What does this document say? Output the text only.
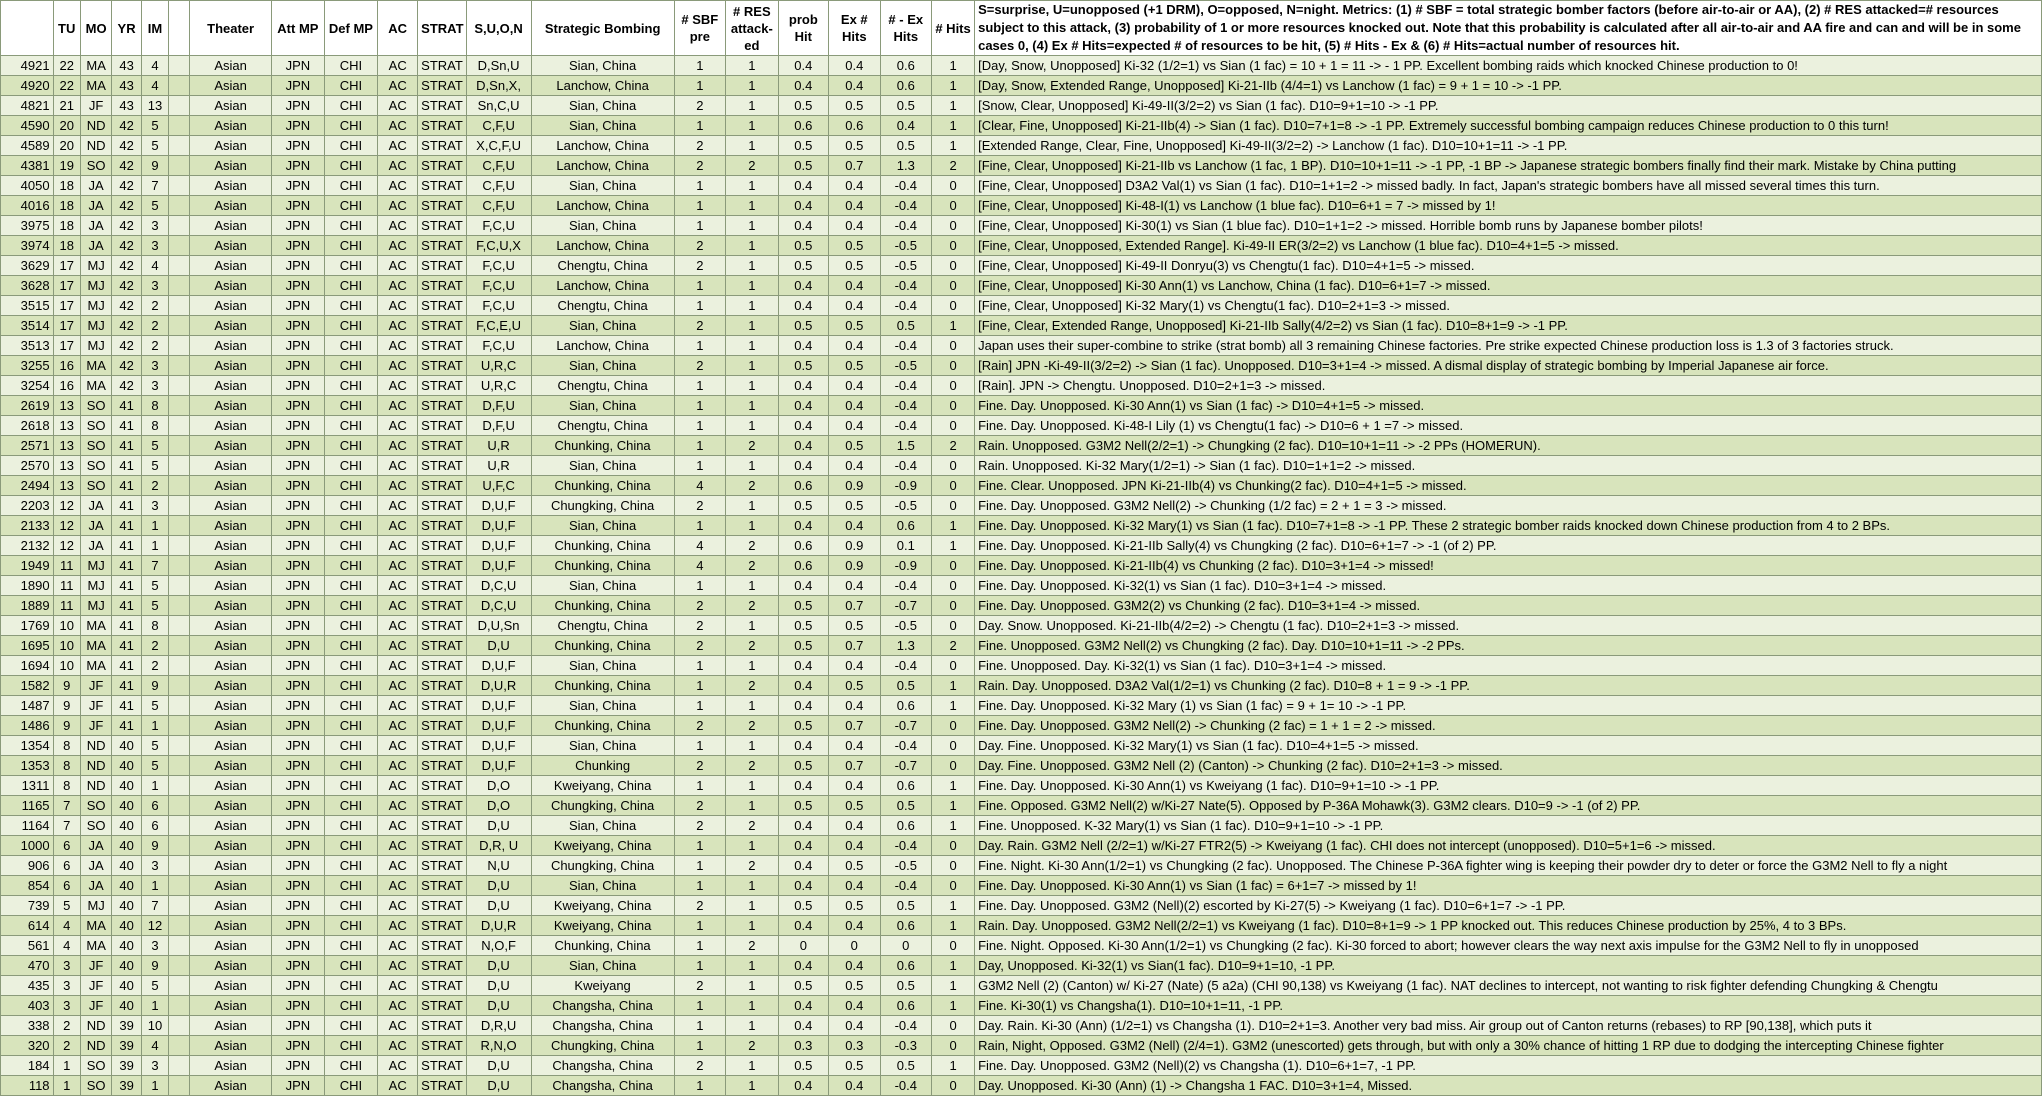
	TU	MO	YR	IM		Theater	Att MP	Def MP	AC	STRAT	S,U,O,N	Strategic Bombing	# SBF pre	# RES attack-ed	prob Hit	Ex # Hits	# - Ex Hits	# Hits	S=surprise, U=unopposed (+1 DRM), O=opposed, N=night. Metrics: (1) # SBF = total strategic bomber factors (before air-to-air or AA), (2) # RES attacked=# resources subject to this attack, (3) probability of 1 or more resources knocked out. Note that this probability is calculated after all air-to-air and AA fire and can and will be in some cases 0, (4) Ex # Hits=expected # of resources to be hit, (5) # Hits - Ex & (6) # Hits=actual number of resources hit.
4921	22	MA	43	4		Asian	JPN	CHI	AC	STRAT	D,Sn,U	Sian, China	1	1	0.4	0.4	0.6	1	[Day, Snow, Unopposed] Ki-32 (1/2=1) vs Sian (1 fac) = 10 + 1 = 11 -> - 1 PP. Excellent bombing raids which knocked Chinese production to 0!
4920	22	MA	43	4		Asian	JPN	CHI	AC	STRAT	D,Sn,X,	Lanchow, China	1	1	0.4	0.4	0.6	1	[Day, Snow, Extended Range, Unopposed] Ki-21-IIb (4/4=1) vs Lanchow (1 fac) = 9 + 1 = 10 -> -1 PP.
4821	21	JF	43	13		Asian	JPN	CHI	AC	STRAT	Sn,C,U	Sian, China	2	1	0.5	0.5	0.5	1	[Snow, Clear, Unopposed] Ki-49-II(3/2=2) vs Sian (1 fac). D10=9+1=10 -> -1 PP.
4590	20	ND	42	5		Asian	JPN	CHI	AC	STRAT	C,F,U	Sian, China	1	1	0.6	0.6	0.4	1	[Clear, Fine, Unopposed] Ki-21-IIb(4) -> Sian (1 fac). D10=7+1=8 -> -1 PP. Extremely successful bombing campaign reduces Chinese production to 0 this turn!
4589	20	ND	42	5		Asian	JPN	CHI	AC	STRAT	X,C,F,U	Lanchow, China	2	1	0.5	0.5	0.5	1	[Extended Range, Clear, Fine, Unopposed] Ki-49-II(3/2=2) -> Lanchow (1 fac). D10=10+1=11 -> -1 PP.
4381	19	SO	42	9		Asian	JPN	CHI	AC	STRAT	C,F,U	Lanchow, China	2	2	0.5	0.7	1.3	2	[Fine, Clear, Unopposed] Ki-21-IIb vs Lanchow (1 fac, 1 BP). D10=10+1=11 -> -1 PP, -1 BP -> Japanese strategic bombers finally find their mark. Mistake by China putting
4050	18	JA	42	7		Asian	JPN	CHI	AC	STRAT	C,F,U	Sian, China	1	1	0.4	0.4	-0.4	0	[Fine, Clear, Unopposed] D3A2 Val(1) vs Sian (1 fac). D10=1+1=2 -> missed badly. In fact, Japan's strategic bombers have all missed several times this turn.
4016	18	JA	42	5		Asian	JPN	CHI	AC	STRAT	C,F,U	Lanchow, China	1	1	0.4	0.4	-0.4	0	[Fine, Clear, Unopposed] Ki-48-I(1) vs Lanchow (1 blue fac). D10=6+1 = 7 -> missed by 1!
3975	18	JA	42	3		Asian	JPN	CHI	AC	STRAT	F,C,U	Sian, China	1	1	0.4	0.4	-0.4	0	[Fine, Clear, Unopposed] Ki-30(1) vs Sian (1 blue fac). D10=1+1=2 -> missed. Horrible bomb runs by Japanese bomber pilots!
3974	18	JA	42	3		Asian	JPN	CHI	AC	STRAT	F,C,U,X	Lanchow, China	2	1	0.5	0.5	-0.5	0	[Fine, Clear, Unopposed, Extended Range]. Ki-49-II ER(3/2=2) vs Lanchow (1 blue fac). D10=4+1=5 -> missed.
3629	17	MJ	42	4		Asian	JPN	CHI	AC	STRAT	F,C,U	Chengtu, China	2	1	0.5	0.5	-0.5	0	[Fine, Clear, Unopposed] Ki-49-II Donryu(3) vs Chengtu(1 fac). D10=4+1=5 -> missed.
3628	17	MJ	42	3		Asian	JPN	CHI	AC	STRAT	F,C,U	Lanchow, China	1	1	0.4	0.4	-0.4	0	[Fine, Clear, Unopposed] Ki-30 Ann(1) vs Lanchow, China (1 fac). D10=6+1=7 -> missed.
3515	17	MJ	42	2		Asian	JPN	CHI	AC	STRAT	F,C,U	Chengtu, China	1	1	0.4	0.4	-0.4	0	[Fine, Clear, Unopposed] Ki-32 Mary(1) vs Chengtu(1 fac). D10=2+1=3 -> missed.
3514	17	MJ	42	2		Asian	JPN	CHI	AC	STRAT	F,C,E,U	Sian, China	2	1	0.5	0.5	0.5	1	[Fine, Clear, Extended Range, Unopposed] Ki-21-IIb Sally(4/2=2) vs Sian (1 fac). D10=8+1=9 -> -1 PP.
3513	17	MJ	42	2		Asian	JPN	CHI	AC	STRAT	F,C,U	Lanchow, China	1	1	0.4	0.4	-0.4	0	Japan uses their super-combine to strike (strat bomb) all 3 remaining Chinese factories. Pre strike expected Chinese production loss is 1.3 of 3 factories struck.
3255	16	MA	42	3		Asian	JPN	CHI	AC	STRAT	U,R,C	Sian, China	2	1	0.5	0.5	-0.5	0	[Rain] JPN -Ki-49-II(3/2=2) -> Sian (1 fac). Unopposed. D10=3+1=4 -> missed. A dismal display of strategic bombing by Imperial Japanese air force.
3254	16	MA	42	3		Asian	JPN	CHI	AC	STRAT	U,R,C	Chengtu, China	1	1	0.4	0.4	-0.4	0	[Rain]. JPN -> Chengtu. Unopposed. D10=2+1=3 -> missed.
2619	13	SO	41	8		Asian	JPN	CHI	AC	STRAT	D,F,U	Sian, China	1	1	0.4	0.4	-0.4	0	Fine. Day. Unopposed. Ki-30 Ann(1) vs Sian (1 fac) -> D10=4+1=5 -> missed.
2618	13	SO	41	8		Asian	JPN	CHI	AC	STRAT	D,F,U	Chengtu, China	1	1	0.4	0.4	-0.4	0	Fine. Day. Unopposed. Ki-48-I Lily (1) vs Chengtu(1 fac) -> D10=6 + 1 =7 -> missed.
2571	13	SO	41	5		Asian	JPN	CHI	AC	STRAT	U,R	Chunking, China	1	2	0.4	0.5	1.5	2	Rain. Unopposed. G3M2 Nell(2/2=1) -> Chungking (2 fac). D10=10+1=11 -> -2 PPs (HOMERUN).
2570	13	SO	41	5		Asian	JPN	CHI	AC	STRAT	U,R	Sian, China	1	1	0.4	0.4	-0.4	0	Rain. Unopposed. Ki-32 Mary(1/2=1) -> Sian (1 fac). D10=1+1=2 -> missed.
2494	13	SO	41	2		Asian	JPN	CHI	AC	STRAT	U,F,C	Chunking, China	4	2	0.6	0.9	-0.9	0	Fine. Clear. Unopposed. JPN Ki-21-IIb(4) vs Chunking(2 fac). D10=4+1=5 -> missed.
2203	12	JA	41	3		Asian	JPN	CHI	AC	STRAT	D,U,F	Chungking, China	2	1	0.5	0.5	-0.5	0	Fine. Day. Unopposed. G3M2 Nell(2) -> Chunking (1/2 fac) = 2 + 1 = 3 -> missed.
2133	12	JA	41	1		Asian	JPN	CHI	AC	STRAT	D,U,F	Sian, China	1	1	0.4	0.4	0.6	1	Fine. Day. Unopposed. Ki-32 Mary(1) vs Sian (1 fac). D10=7+1=8 -> -1 PP. These 2 strategic bomber raids knocked down Chinese production from 4 to 2 BPs.
2132	12	JA	41	1		Asian	JPN	CHI	AC	STRAT	D,U,F	Chunking, China	4	2	0.6	0.9	0.1	1	Fine. Day. Unopposed. Ki-21-IIb Sally(4) vs Chungking (2 fac). D10=6+1=7 -> -1 (of 2) PP.
1949	11	MJ	41	7		Asian	JPN	CHI	AC	STRAT	D,U,F	Chunking, China	4	2	0.6	0.9	-0.9	0	Fine. Day. Unopposed. Ki-21-IIb(4) vs Chunking (2 fac). D10=3+1=4 -> missed!
1890	11	MJ	41	5		Asian	JPN	CHI	AC	STRAT	D,C,U	Sian, China	1	1	0.4	0.4	-0.4	0	Fine. Day. Unopposed. Ki-32(1) vs Sian (1 fac). D10=3+1=4 -> missed.
1889	11	MJ	41	5		Asian	JPN	CHI	AC	STRAT	D,C,U	Chunking, China	2	2	0.5	0.7	-0.7	0	Fine. Day. Unopposed. G3M2(2) vs Chunking (2 fac). D10=3+1=4 -> missed.
1769	10	MA	41	8		Asian	JPN	CHI	AC	STRAT	D,U,Sn	Chengtu, China	2	1	0.5	0.5	-0.5	0	Day. Snow. Unopposed. Ki-21-IIb(4/2=2) -> Chengtu (1 fac). D10=2+1=3 -> missed.
1695	10	MA	41	2		Asian	JPN	CHI	AC	STRAT	D,U	Chunking, China	2	2	0.5	0.7	1.3	2	Fine. Unopposed. G3M2 Nell(2) vs Chungking (2 fac). Day. D10=10+1=11 -> -2 PPs.
1694	10	MA	41	2		Asian	JPN	CHI	AC	STRAT	D,U,F	Sian, China	1	1	0.4	0.4	-0.4	0	Fine. Unopposed. Day. Ki-32(1) vs Sian (1 fac). D10=3+1=4 -> missed.
1582	9	JF	41	9		Asian	JPN	CHI	AC	STRAT	D,U,R	Chunking, China	1	2	0.4	0.5	0.5	1	Rain. Day. Unopposed. D3A2 Val(1/2=1) vs Chunking (2 fac). D10=8 + 1 = 9 -> -1 PP.
1487	9	JF	41	5		Asian	JPN	CHI	AC	STRAT	D,U,F	Sian, China	1	1	0.4	0.4	0.6	1	Fine. Day. Unopposed. Ki-32 Mary (1) vs Sian (1 fac) = 9 + 1= 10 -> -1 PP.
1486	9	JF	41	1		Asian	JPN	CHI	AC	STRAT	D,U,F	Chunking, China	2	2	0.5	0.7	-0.7	0	Fine. Day. Unopposed. G3M2 Nell(2) -> Chunking (2 fac) = 1 + 1 = 2 -> missed.
1354	8	ND	40	5		Asian	JPN	CHI	AC	STRAT	D,U,F	Sian, China	1	1	0.4	0.4	-0.4	0	Day. Fine. Unopposed. Ki-32 Mary(1) vs Sian (1 fac). D10=4+1=5 -> missed.
1353	8	ND	40	5		Asian	JPN	CHI	AC	STRAT	D,U,F	Chunking	2	2	0.5	0.7	-0.7	0	Day. Fine. Unopposed. G3M2 Nell (2) (Canton) -> Chunking (2 fac). D10=2+1=3 -> missed.
1311	8	ND	40	1		Asian	JPN	CHI	AC	STRAT	D,O	Kweiyang, China	1	1	0.4	0.4	0.6	1	Fine. Day. Unopposed. Ki-30 Ann(1) vs Kweiyang (1 fac). D10=9+1=10 -> -1 PP.
1165	7	SO	40	6		Asian	JPN	CHI	AC	STRAT	D,O	Chungking, China	2	1	0.5	0.5	0.5	1	Fine. Opposed. G3M2 Nell(2) w/Ki-27 Nate(5). Opposed by P-36A Mohawk(3). G3M2 clears. D10=9 -> -1 (of 2) PP.
1164	7	SO	40	6		Asian	JPN	CHI	AC	STRAT	D,U	Sian, China	2	2	0.4	0.4	0.6	1	Fine. Unopposed. K-32 Mary(1) vs Sian (1 fac). D10=9+1=10 -> -1 PP.
1000	6	JA	40	9		Asian	JPN	CHI	AC	STRAT	D,R, U	Kweiyang, China	1	1	0.4	0.4	-0.4	0	Day. Rain. G3M2 Nell (2/2=1) w/Ki-27 FTR2(5) -> Kweiyang (1 fac). CHI does not intercept (unopposed). D10=5+1=6 -> missed.
906	6	JA	40	3		Asian	JPN	CHI	AC	STRAT	N,U	Chungking, China	1	2	0.4	0.5	-0.5	0	Fine. Night. Ki-30 Ann(1/2=1) vs Chungking (2 fac). Unopposed. The Chinese P-36A fighter wing is keeping their powder dry to deter or force the G3M2 Nell to fly a night
854	6	JA	40	1		Asian	JPN	CHI	AC	STRAT	D,U	Sian, China	1	1	0.4	0.4	-0.4	0	Fine. Day. Unopposed. Ki-30 Ann(1) vs Sian (1 fac) = 6+1=7 -> missed by 1!
739	5	MJ	40	7		Asian	JPN	CHI	AC	STRAT	D,U	Kweiyang, China	2	1	0.5	0.5	0.5	1	Fine. Day. Unopposed. G3M2 (Nell)(2) escorted by Ki-27(5) -> Kweiyang (1 fac). D10=6+1=7 -> -1 PP.
614	4	MA	40	12		Asian	JPN	CHI	AC	STRAT	D,U,R	Kweiyang, China	1	1	0.4	0.4	0.6	1	Rain. Day. Unopposed. G3M2 Nell(2/2=1) vs Kweiyang (1 fac). D10=8+1=9 -> 1 PP knocked out. This reduces Chinese production by 25%, 4 to 3 BPs.
561	4	MA	40	3		Asian	JPN	CHI	AC	STRAT	N,O,F	Chunking, China	1	2	0	0	0	0	Fine. Night. Opposed. Ki-30 Ann(1/2=1) vs Chungking (2 fac). Ki-30 forced to abort; however clears the way next axis impulse for the G3M2 Nell to fly in unopposed
470	3	JF	40	9		Asian	JPN	CHI	AC	STRAT	D,U	Sian, China	1	1	0.4	0.4	0.6	1	Day, Unopposed. Ki-32(1) vs Sian(1 fac). D10=9+1=10, -1 PP.
435	3	JF	40	5		Asian	JPN	CHI	AC	STRAT	D,U	Kweiyang	2	1	0.5	0.5	0.5	1	G3M2 Nell (2) (Canton) w/ Ki-27 (Nate) (5 a2a) (CHI 90,138) vs Kweiyang (1 fac). NAT declines to intercept, not wanting to risk fighter defending Chungking & Chengtu
403	3	JF	40	1		Asian	JPN	CHI	AC	STRAT	D,U	Changsha, China	1	1	0.4	0.4	0.6	1	Fine. Ki-30(1) vs Changsha(1). D10=10+1=11, -1 PP.
338	2	ND	39	10		Asian	JPN	CHI	AC	STRAT	D,R,U	Changsha, China	1	1	0.4	0.4	-0.4	0	Day. Rain. Ki-30 (Ann) (1/2=1) vs Changsha (1). D10=2+1=3. Another very bad miss. Air group out of Canton returns (rebases) to RP [90,138], which puts it
320	2	ND	39	4		Asian	JPN	CHI	AC	STRAT	R,N,O	Chungking, China	1	2	0.3	0.3	-0.3	0	Rain, Night, Opposed. G3M2 (Nell) (2/4=1). G3M2 (unescorted) gets through, but with only a 30% chance of hitting 1 RP due to dodging the intercepting Chinese fighter
184	1	SO	39	3		Asian	JPN	CHI	AC	STRAT	D,U	Changsha, China	2	1	0.5	0.5	0.5	1	Fine. Day. Unopposed. G3M2 (Nell)(2) vs Changsha (1). D10=6+1=7, -1 PP.
118	1	SO	39	1		Asian	JPN	CHI	AC	STRAT	D,U	Changsha, China	1	1	0.4	0.4	-0.4	0	Day. Unopposed. Ki-30 (Ann) (1) -> Changsha 1 FAC. D10=3+1=4, Missed.
